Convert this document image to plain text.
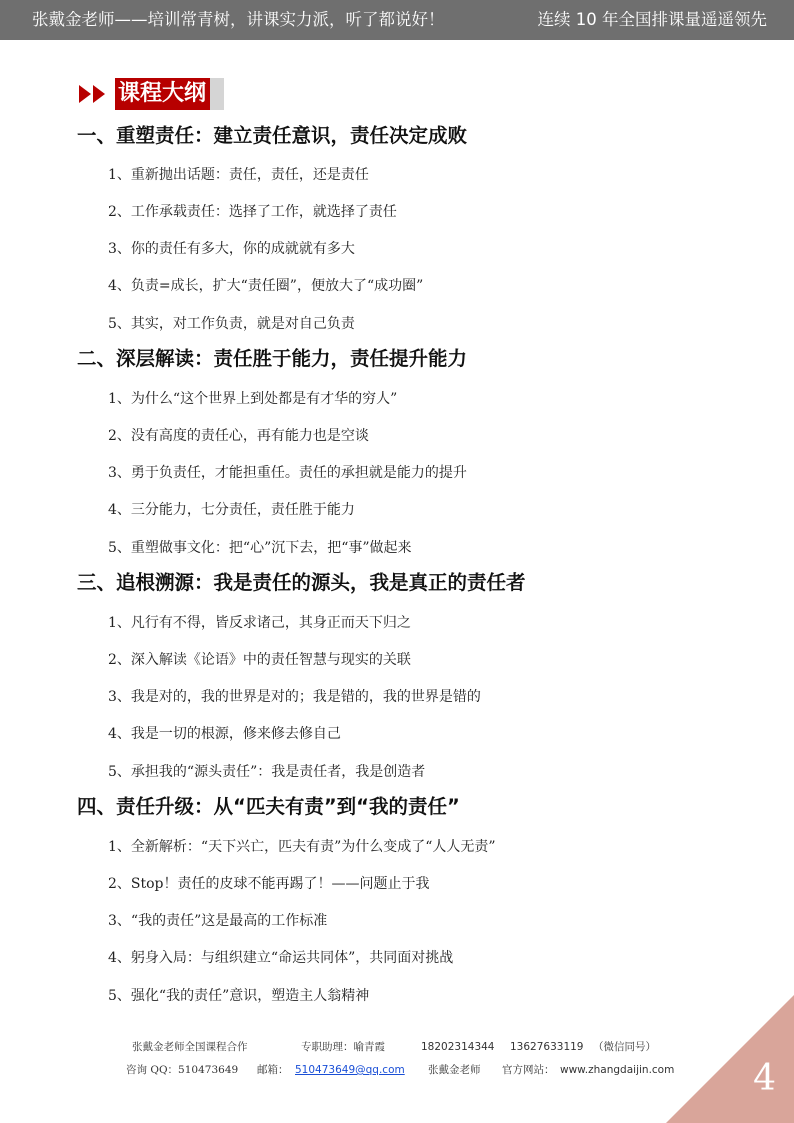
张戴金老师——培训常青树，讲课实力派，听了都说好！	连续 10 年全国排课量遥遥领先
课程大纲
一、重塑责任：建立责任意识，责任决定成败
1、重新抛出话题：责任，责任，还是责任
2、工作承载责任：选择了工作，就选择了责任
3、你的责任有多大，你的成就就有多大
4、负责=成长，扩大“责任圈”，便放大了“成功圈”
5、其实，对工作负责，就是对自己负责
二、深层解读：责任胜于能力，责任提升能力
1、为什么“这个世界上到处都是有才华的穷人”
2、没有高度的责任心，再有能力也是空谈
3、勇于负责任，才能担重任。责任的承担就是能力的提升
4、三分能力，七分责任，责任胜于能力
5、重塑做事文化：把“心”沉下去，把“事”做起来
三、追根溯源：我是责任的源头，我是真正的责任者
1、凡行有不得，皆反求诸己，其身正而天下归之
2、深入解读《论语》中的责任智慧与现实的关联
3、我是对的，我的世界是对的；我是错的，我的世界是错的
4、我是一切的根源，修来修去修自己
5、承担我的“源头责任”：我是责任者，我是创造者
四、责任升级：从“匹夫有责”到“我的责任”
1、全新解析：“天下兴亡，匹夫有责”为什么变成了“人人无责”
2、Stop！责任的皮球不能再踢了！——问题止于我
3、“我的责任”这是最高的工作标准
4、躬身入局：与组织建立“命运共同体”，共同面对挑战
5、强化“我的责任”意识，塑造主人翁精神
张戴金老师全国课程合作	专职助理：喻青霞	18202314344 13627633119 （微信同号）
咨询 QQ：510473649 邮箱： 510473649@qq.com 张戴金老师 官方网站： www.zhangdaijin.com 4
